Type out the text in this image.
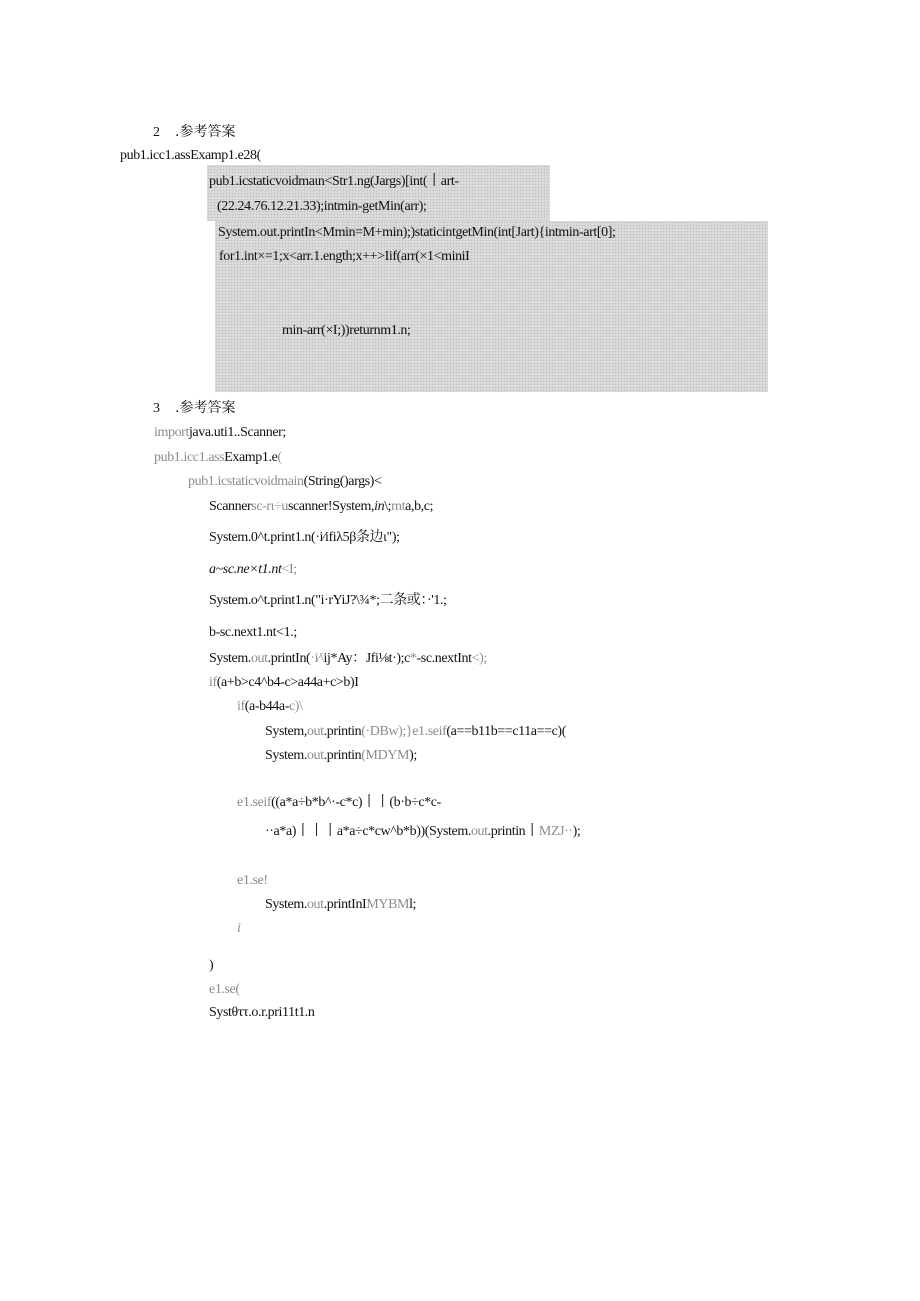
2 .参考答案
pub1.icc1.assExamp1.e28(
pub1.icstaticvoidmaιn<Str1.ng(Jargs)[int(丨art-
(22.24.76.12.21.33);intmin-getMin(arr);
System.out.printIn<Mmin=M+min);)staticintgetMin(int[Jart){intmin-art[0];
for1.int×=1;x<arr.1.ength;x++>Iif(arr(×1<miniI
min-arr(×I;))returnm1.n;
3 .参考答案
importjava.uti1..Scanner;
pub1.icc1.assExamp1.e(
pub1.icstaticvoidmain(String()args)<
Scannersc-rι÷uscanner!System,in\;mta,b,c;
System.0^t.print1.n(·i∕ifiλ5β条边ι");
a~sc.ne×t1.nt<I;
System.o^t.print1.n("i·rYiJ?\¾*;二条或：·'1.;
b-sc.next1.nt<1.;
System.out.printIn(·i∕\ij*Ay：Jfi⅛t·);c*-sc.nextInt<);
if(a+b>c4^b4-c>a44a+c>b)I
if(a-b44a-c)\
System,out.printin(·DBw);}e1.seif(a==b11b==c11a==c)(
System.out.printin(MDYM);
e1.seif((a*a÷b*b^·-c*c)丨丨(b·b÷c*c-
··a*a)丨丨丨a*a÷c*cw^b*b))(System.out.printin丨MZJ··);
e1.se!
System.out.printInIMYBMl;
i
)
e1.se(
Systθττ.o.r.pri11t1.n
